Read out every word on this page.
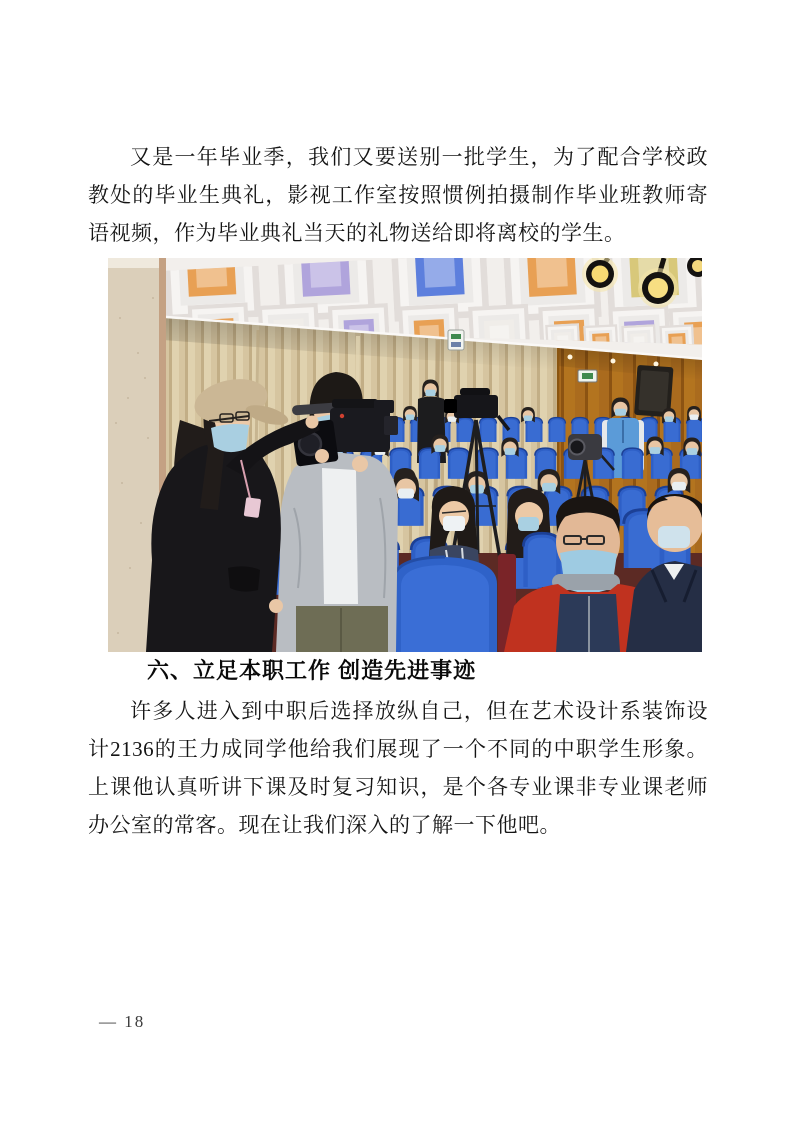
又是一年毕业季，我们又要送别一批学生，为了配合学校政教处的毕业生典礼，影视工作室按照惯例拍摄制作毕业班教师寄语视频，作为毕业典礼当天的礼物送给即将离校的学生。

六、立足本职工作 创造先进事迹

许多人进入到中职后选择放纵自己，但在艺术设计系装饰设计2136的王力成同学他给我们展现了一个不同的中职学生形象。上课他认真听讲下课及时复习知识，是个各专业课非专业课老师办公室的常客。现在让我们深入的了解一下他吧。

— 18
